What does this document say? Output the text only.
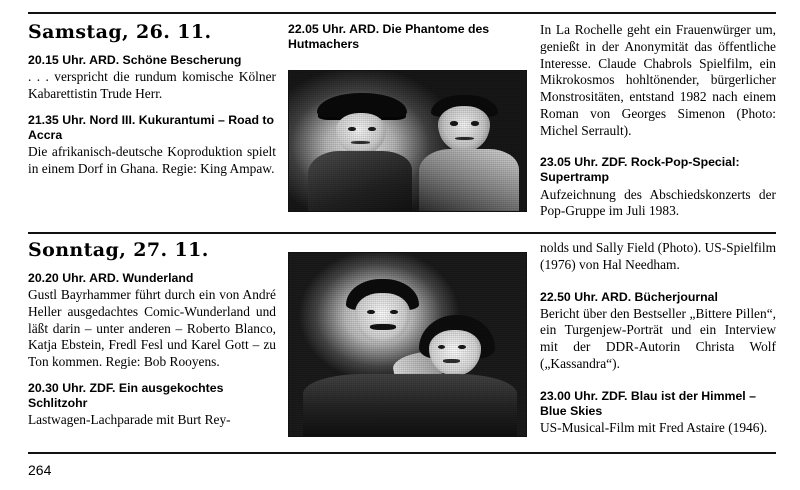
Samstag, 26. 11.

20.15 Uhr. ARD. Schöne Bescherung

. . . verspricht die rundum komische Kölner Kabarettistin Trude Herr.

21.35 Uhr. Nord III. Kukurantumi – Road to Accra

Die afrikanisch-deutsche Koproduktion spielt in einem Dorf in Ghana. Regie: King Ampaw.

22.05 Uhr. ARD. Die Phantome des Hutmachers

In La Rochelle geht ein Frauenwürger um, genießt in der Anonymität das öffentliche Interesse. Claude Chabrols Spielfilm, ein Mikrokosmos hohltönender, bürgerlicher Monstrositäten, entstand 1982 nach einem Roman von Georges Simenon (Photo: Michel Serrault).

23.05 Uhr. ZDF. Rock-Pop-Special: Supertramp

Aufzeichnung des Abschiedskonzerts der Pop-Gruppe im Juli 1983.

Sonntag, 27. 11.

20.20 Uhr. ARD. Wunderland

Gustl Bayrhammer führt durch ein von André Heller ausgedachtes Comic-Wunderland und läßt darin – unter anderen – Roberto Blanco, Katja Ebstein, Fredl Fesl und Karel Gott – zu Ton kommen. Regie: Bob Rooyens.

20.30 Uhr. ZDF. Ein ausgekochtes Schlitzohr

Lastwagen-Lachparade mit Burt Rey-

nolds und Sally Field (Photo). US-Spielfilm (1976) von Hal Needham.

22.50 Uhr. ARD. Bücherjournal

Bericht über den Bestseller „Bittere Pillen“, ein Turgenjew-Porträt und ein Interview mit der DDR-Autorin Christa Wolf („Kassandra“).

23.00 Uhr. ZDF. Blau ist der Himmel – Blue Skies

US-Musical-Film mit Fred Astaire (1946).

264
